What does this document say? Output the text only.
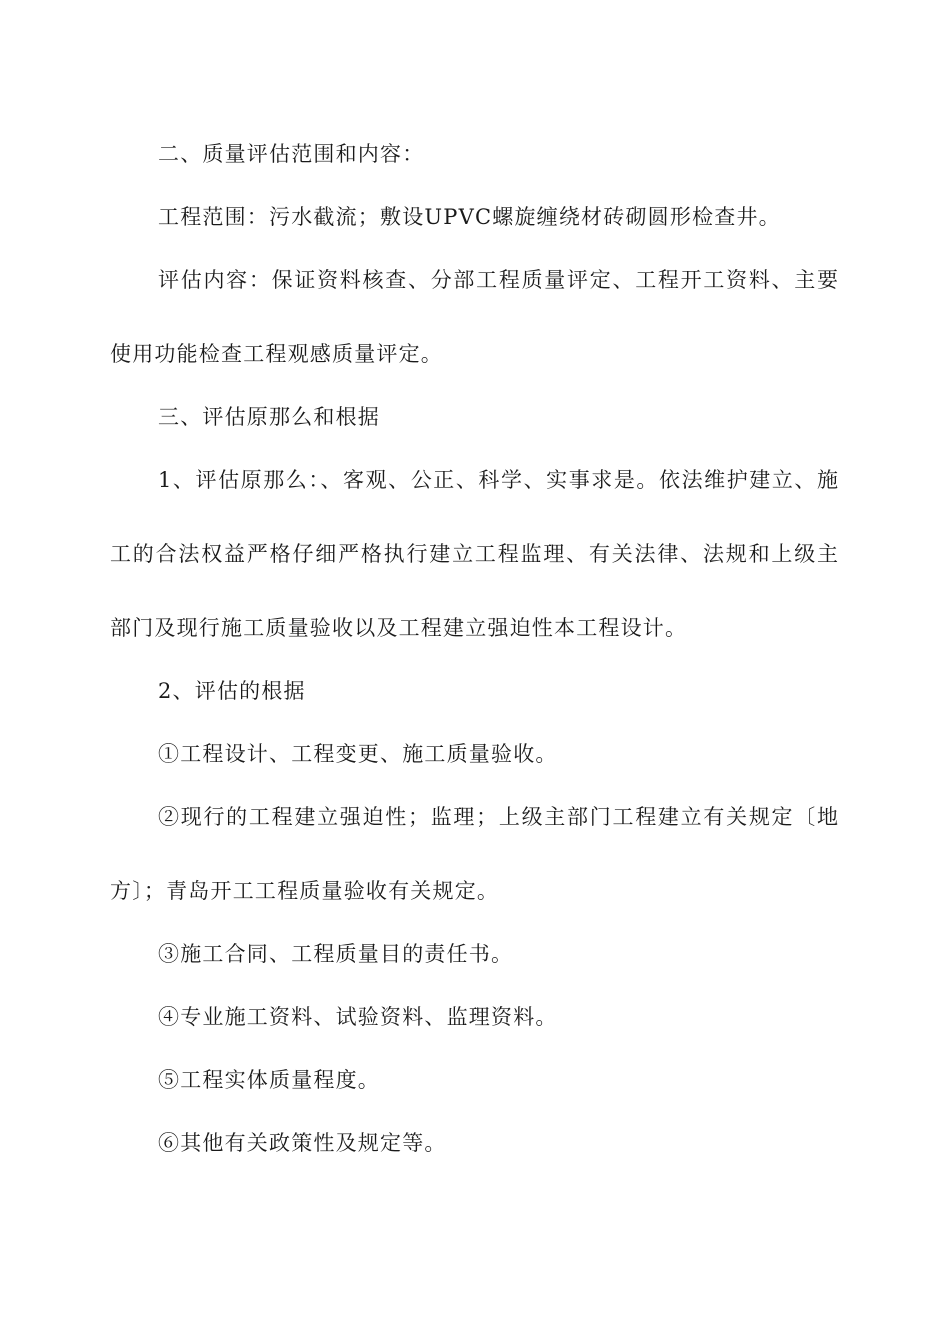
二、质量评估范围和内容：
工程范围：污水截流；敷设UPVC螺旋缠绕材砖砌圆形检查井。
评估内容：保证资料核查、分部工程质量评定、工程开工资料、主要
使用功能检查工程观感质量评定。
三、评估原那么和根据
1、评估原那么：、客观、公正、科学、实事求是。依法维护建立、施
工的合法权益严格仔细严格执行建立工程监理、有关法律、法规和上级主
部门及现行施工质量验收以及工程建立强迫性本工程设计。
2、评估的根据
①工程设计、工程变更、施工质量验收。
②现行的工程建立强迫性；监理；上级主部门工程建立有关规定〔地
方〕；青岛开工工程质量验收有关规定。
③施工合同、工程质量目的责任书。
④专业施工资料、试验资料、监理资料。
⑤工程实体质量程度。
⑥其他有关政策性及规定等。
